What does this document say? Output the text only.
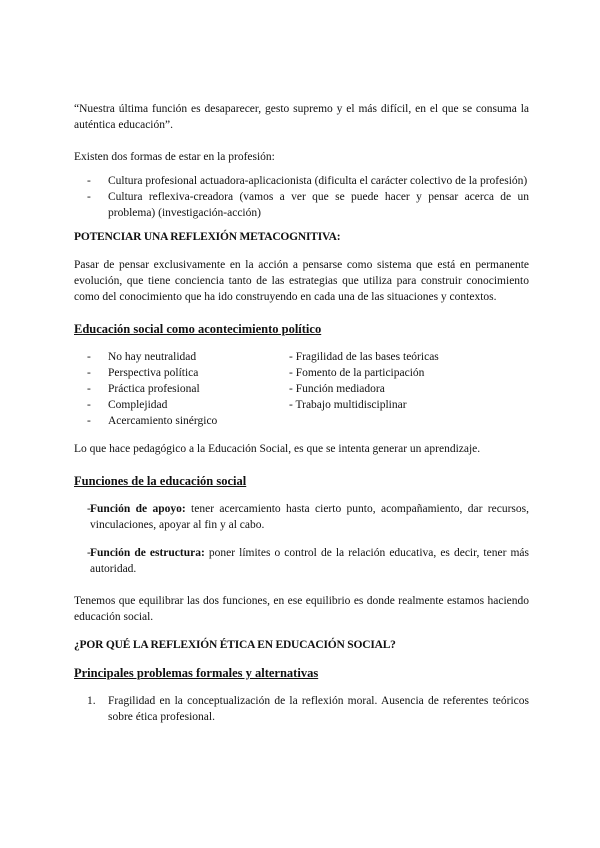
“Nuestra última función es desaparecer, gesto supremo y el más difícil, en el que se consuma la auténtica educación”.

Existen dos formas de estar en la profesión:

-	Cultura profesional actuadora-aplicacionista (dificulta el carácter colectivo de la profesión)
-	Cultura reflexiva-creadora (vamos a ver que se puede hacer y pensar acerca de un problema) (investigación-acción)

POTENCIAR UNA REFLEXIÓN METACOGNITIVA:

Pasar de pensar exclusivamente en la acción a pensarse como sistema que está en permanente evolución, que tiene conciencia tanto de las estrategias que utiliza para construir conocimiento como del conocimiento que ha ido construyendo en cada una de las situaciones y contextos.

Educación social como acontecimiento político

-	No hay neutralidad
-	Perspectiva política
-	Práctica profesional
-	Complejidad
-	Acercamiento sinérgico
- Fragilidad de las bases teóricas
- Fomento de la participación
- Función mediadora
- Trabajo multidisciplinar

Lo que hace pedagógico a la Educación Social, es que se intenta generar un aprendizaje.

Funciones de la educación social

- Función de apoyo: tener acercamiento hasta cierto punto, acompañamiento, dar recursos, vinculaciones, apoyar al fin y al cabo.
- Función de estructura: poner límites o control de la relación educativa, es decir, tener más autoridad.

Tenemos que equilibrar las dos funciones, en ese equilibrio es donde realmente estamos haciendo educación social.

¿POR QUÉ LA REFLEXIÓN ÉTICA EN EDUCACIÓN SOCIAL?

Principales problemas formales y alternativas

1.	Fragilidad en la conceptualización de la reflexión moral. Ausencia de referentes teóricos sobre ética profesional.
